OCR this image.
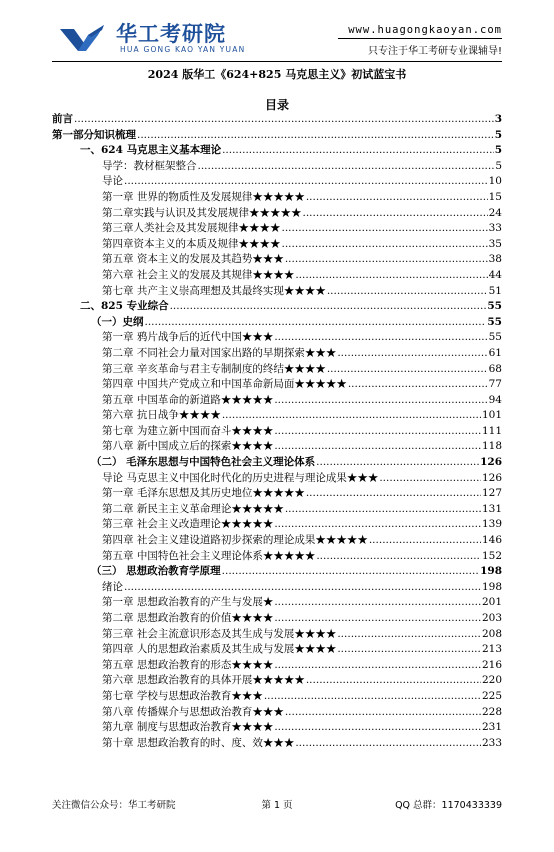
华工考研院
HUA GONG KAO YAN YUAN
www.huagongkaoyan.com
只专注于华工考研专业课辅导!
2024 版华工《624+825 马克思主义》初试蓝宝书
目录
前言 .....	3
第一部分知识梳理 .....	5
一、624 马克思主义基本理论 .....	5
导学：教材框架整合 .....	5
导论 .....	10
第一章 世界的物质性及发展规律★★★★★ .....	15
第二章实践与认识及其发展规律★★★★★ .....	24
第三章人类社会及其发展规律★★★★ .....	33
第四章资本主义的本质及规律★★★★ .....	35
第五章 资本主义的发展及其趋势★★★ .....	38
第六章 社会主义的发展及其规律★★★★ .....	44
第七章 共产主义崇高理想及其最终实现★★★★ .....	51
二、825 专业综合 .....	55
（一）史纲 .....	55
第一章 鸦片战争后的近代中国★★★ .....	55
第二章 不同社会力量对国家出路的早期探索★★★ .....	61
第三章 辛亥革命与君主专制制度的终结★★★★ .....	68
第四章 中国共产党成立和中国革命新局面★★★★★ .....	77
第五章 中国革命的新道路★★★★★ .....	94
第六章 抗日战争★★★★ .....	101
第七章 为建立新中国而奋斗★★★★ .....	111
第八章 新中国成立后的探索★★★★ .....	118
（二） 毛泽东思想与中国特色社会主义理论体系 .....	126
导论 马克思主义中国化时代化的历史进程与理论成果★★★ .....	126
第一章 毛泽东思想及其历史地位★★★★★ .....	127
第二章 新民主主义革命理论★★★★★ .....	131
第三章 社会主义改造理论★★★★★ .....	139
第四章 社会主义建设道路初步探索的理论成果★★★★★ .....	146
第五章 中国特色社会主义理论体系★★★★★ .....	152
（三） 思想政治教育学原理 .....	198
绪论 .....	198
第一章 思想政治教育的产生与发展★ .....	201
第二章 思想政治教育的价值★★★★ .....	203
第三章 社会主流意识形态及其生成与发展★★★★ .....	208
第四章 人的思想政治素质及其生成与发展★★★★ .....	213
第五章 思想政治教育的形态★★★★ .....	216
第六章 思想政治教育的具体开展★★★★★ .....	220
第七章 学校与思想政治教育★★★ .....	225
第八章 传播媒介与思想政治教育★★★ .....	228
第九章 制度与思想政治教育★★★★ .....	231
第十章 思想政治教育的时、度、效★★★ .....	233
关注微信公众号：华工考研院	第 1 页	QQ 总群：1170433339
